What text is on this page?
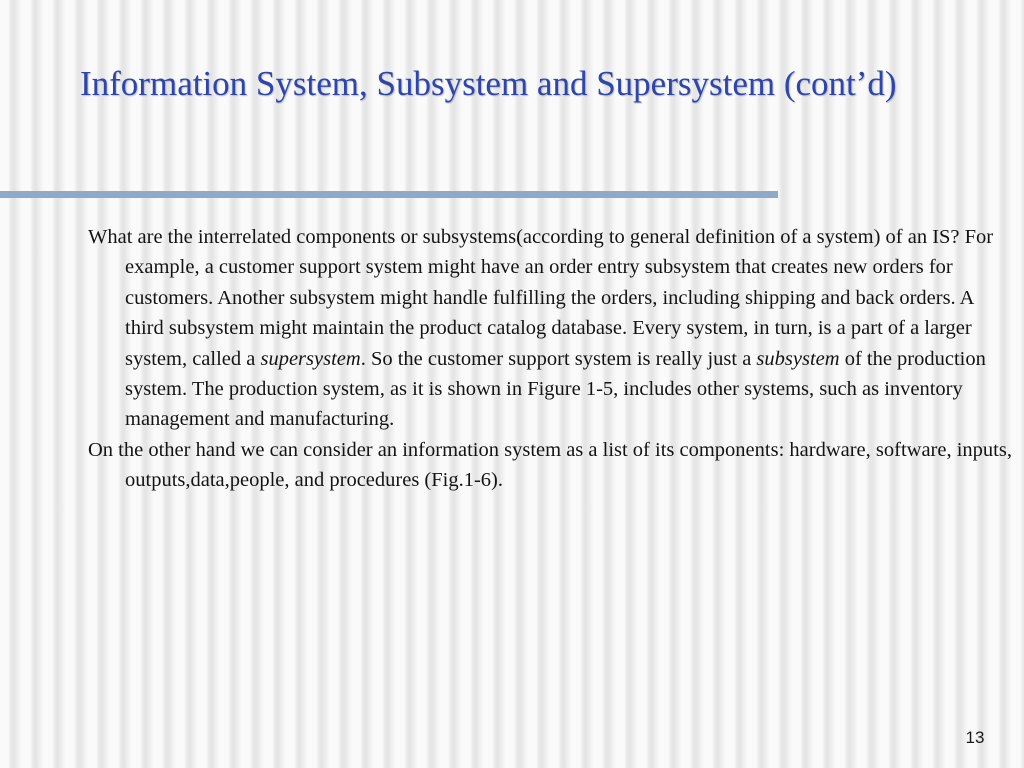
Information System, Subsystem and Supersystem (cont’d)

What are the interrelated components or subsystems(according to general definition of a system) of an IS? For example, a customer support system might have an order entry subsystem that creates new orders for customers. Another subsystem might handle fulfilling the orders, including shipping and back orders. A third subsystem might maintain the product catalog database. Every system, in turn, is a part of a larger system, called a supersystem. So the customer support system is really just a subsystem of the production system. The production system, as it is shown in Figure 1-5, includes other systems, such as inventory management and manufacturing.

On the other hand we can consider an information system as a list of its components: hardware, software, inputs, outputs,data,people, and procedures (Fig.1-6).

13
